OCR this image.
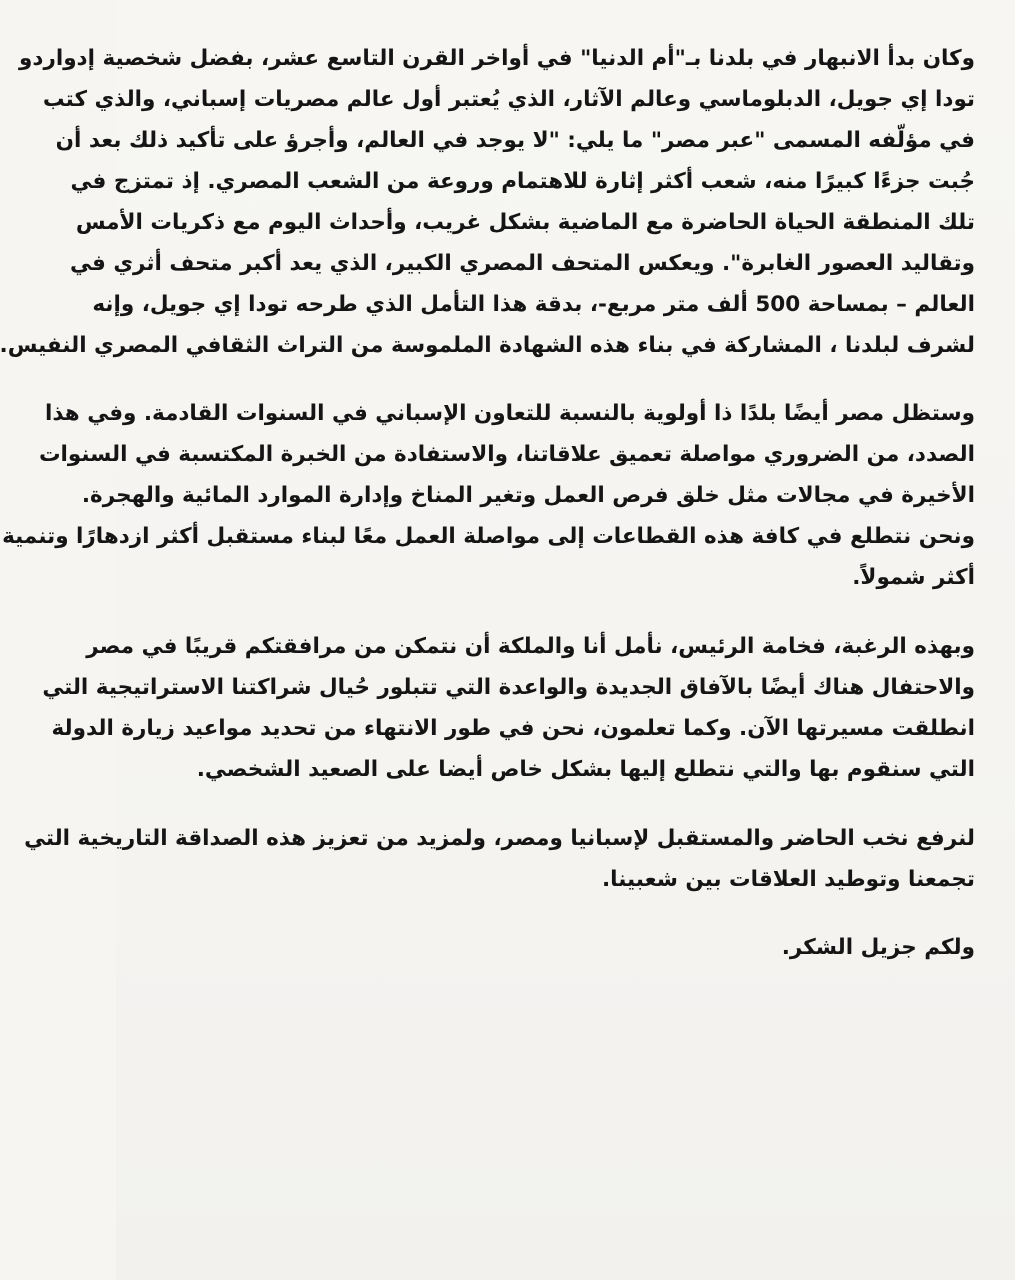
وكان بدأ الانبهار في بلدنا بـ"أم الدنيا" في أواخر القرن التاسع عشر، بفضل شخصية إدواردو
تودا إي جويل، الدبلوماسي وعالم الآثار، الذي يُعتبر أول عالم مصريات إسباني، والذي كتب
في مؤلّفه المسمى "عبر مصر" ما يلي: "لا يوجد في العالم، وأجرؤ على تأكيد ذلك بعد أن
جُبت جزءًا كبيرًا منه، شعب أكثر إثارة للاهتمام وروعة من الشعب المصري. إذ تمتزج في
تلك المنطقة الحياة الحاضرة مع الماضية بشكل غريب، وأحداث اليوم مع ذكريات الأمس
وتقاليد العصور الغابرة". ويعكس المتحف المصري الكبير، الذي يعد أكبر متحف أثري في
العالم – بمساحة 500 ألف متر مربع-، بدقة هذا التأمل الذي طرحه تودا إي جويل، وإنه
لشرف لبلدنا ، المشاركة في بناء هذه الشهادة الملموسة من التراث الثقافي المصري النفيس.
وستظل مصر أيضًا بلدًا ذا أولوية بالنسبة للتعاون الإسباني في السنوات القادمة. وفي هذا
الصدد، من الضروري مواصلة تعميق علاقاتنا، والاستفادة من الخبرة المكتسبة في السنوات
الأخيرة في مجالات مثل خلق فرص العمل وتغير المناخ وإدارة الموارد المائية والهجرة.
ونحن نتطلع في كافة هذه القطاعات إلى مواصلة العمل معًا لبناء مستقبل أكثر ازدهارًا وتنمية
أكثر شمولاً.
وبهذه الرغبة، فخامة الرئيس، نأمل أنا والملكة أن نتمكن من مرافقتكم قريبًا في مصر
والاحتفال هناك أيضًا بالآفاق الجديدة والواعدة التي تتبلور حُيال شراكتنا الاستراتيجية التي
انطلقت مسيرتها الآن. وكما تعلمون، نحن في طور الانتهاء من تحديد مواعيد زيارة الدولة
التي سنقوم بها والتي نتطلع إليها بشكل خاص أيضا على الصعيد الشخصي.
لنرفع نخب الحاضر والمستقبل لإسبانيا ومصر، ولمزيد من تعزيز هذه الصداقة التاريخية التي
تجمعنا وتوطيد العلاقات بين شعبينا.
ولكم جزيل الشكر.
